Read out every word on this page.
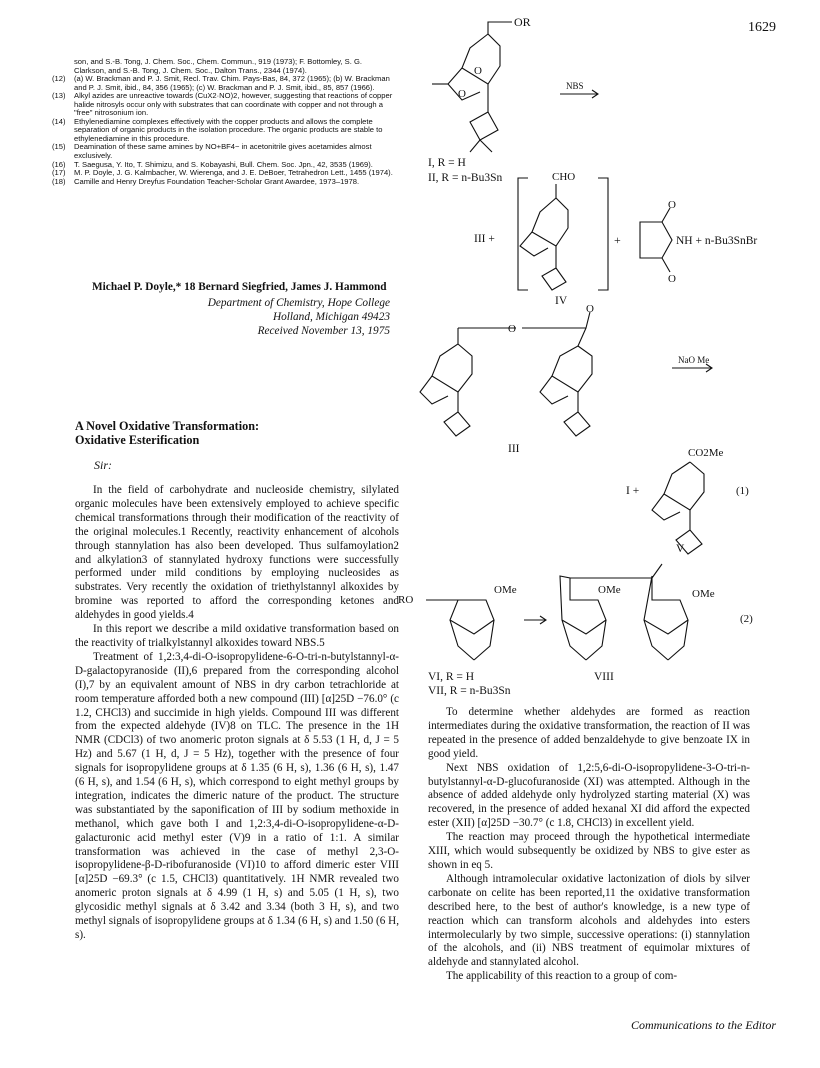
1629
son, and S.-B. Tong, J. Chem. Soc., Chem. Commun., 919 (1973); F. Bottomley, S. G. Clarkson, and S.-B. Tong, J. Chem. Soc., Dalton Trans., 2344 (1974).
(12)	(a) W. Brackman and P. J. Smit, Recl. Trav. Chim. Pays-Bas, 84, 372 (1965); (b) W. Brackman and P. J. Smit, ibid., 84, 356 (1965); (c) W. Brackman and P. J. Smit, ibid., 85, 857 (1966).
(13)	Alkyl azides are unreactive towards (CuX2·NO)2, however, suggesting that reactions of copper halide nitrosyls occur only with substrates that can coordinate with copper and not through a "free" nitrosonium ion.
(14)	Ethylenediamine complexes effectively with the copper products and allows the complete separation of organic products in the isolation procedure. The organic products are stable to ethylenediamine in this procedure.
(15)	Deamination of these same amines by NO+BF4− in acetonitrile gives acetamides almost exclusively.
(16)	T. Saegusa, Y. Ito, T. Shimizu, and S. Kobayashi, Bull. Chem. Soc. Jpn., 42, 3535 (1969).
(17)	M. P. Doyle, J. G. Kalmbacher, W. Wierenga, and J. E. DeBoer, Tetrahedron Lett., 1455 (1974).
(18)	Camille and Henry Dreyfus Foundation Teacher-Scholar Grant Awardee, 1973–1978.
Michael P. Doyle,* 18 Bernard Siegfried, James J. Hammond
Department of Chemistry, Hope College
Holland, Michigan 49423
Received November 13, 1975
A Novel Oxidative Transformation:
Oxidative Esterification
Sir:

In the field of carbohydrate and nucleoside chemistry, silylated organic molecules have been extensively employed to achieve specific chemical transformations through their modification of the reactivity of the original molecules.1 Recently, reactivity enhancement of alcohols through stannylation has also been developed. Thus sulfamoylation2 and alkylation3 of stannylated hydroxy functions were successfully performed under mild conditions by employing nucleosides as substrates. Very recently the oxidation of triethylstannyl alkoxides by bromine was reported to afford the corresponding ketones and aldehydes in good yields.4

In this report we describe a mild oxidative transformation based on the reactivity of trialkylstannyl alkoxides toward NBS.5

Treatment of 1,2:3,4-di-O-isopropylidene-6-O-tri-n-butylstannyl-α-D-galactopyranoside (II),6 prepared from the corresponding alcohol (I),7 by an equivalent amount of NBS in dry carbon tetrachloride at room temperature afforded both a new compound (III) [α]25D −76.0° (c 1.2, CHCl3) and succimide in high yields. Compound III was different from the expected aldehyde (IV)8 on TLC. The presence in the 1H NMR (CDCl3) of two anomeric proton signals at δ 5.53 (1 H, d, J = 5 Hz) and 5.67 (1 H, d, J = 5 Hz), together with the presence of four signals for isopropylidene groups at δ 1.35 (6 H, s), 1.36 (6 H, s), 1.47 (6 H, s), and 1.54 (6 H, s), which correspond to eight methyl groups by integration, indicates the dimeric nature of the product. The structure was substantiated by the saponification of III by sodium methoxide in methanol, which gave both I and 1,2:3,4-di-O-isopropylidene-α-D-galacturonic acid methyl ester (V)9 in a ratio of 1:1. A similar transformation was achieved in the case of methyl 2,3-O-isopropylidene-β-D-ribofuranoside (VI)10 to afford dimeric ester VIII [α]25D −69.3° (c 1.5, CHCl3) quantitatively. 1H NMR revealed two anomeric proton signals at δ 4.99 (1 H, s) and 5.05 (1 H, s), two glycosidic methyl signals at δ 3.42 and 3.34 (both 3 H, s), and two methyl signals of isopropylidene groups at δ 1.34 (6 H, s) and 1.50 (6 H, s).

To determine whether aldehydes are formed as reaction intermediates during the oxidative transformation, the reaction of II was repeated in the presence of added benzaldehyde to give benzoate IX in good yield.

Next NBS oxidation of 1,2:5,6-di-O-isopropylidene-3-O-tri-n-butylstannyl-α-D-glucofuranoside (XI) was attempted. Although in the absence of added aldehyde only hydrolyzed starting material (X) was recovered, in the presence of added hexanal XI did afford the expected ester (XII) [α]25D −30.7° (c 1.8, CHCl3) in excellent yield.

The reaction may proceed through the hypothetical intermediate XIII, which would subsequently be oxidized by NBS to give ester as shown in eq 5.

Although intramolecular oxidative lactonization of diols by silver carbonate on celite has been reported,11 the oxidative transformation described here, to the best of author's knowledge, is a new type of reaction which can transform alcohols and aldehydes into esters intermolecularly by two simple, successive operations: (i) stannylation of the alcohols, and (ii) NBS treatment of equimolar mixtures of aldehyde and stannylated alcohol.

The applicability of this reaction to a group of com-

OR
O
O
NBS
I, R = H
II, R = n-Bu3Sn
III +
CHO
+
O
O
NH + n-Bu3SnBr
IV
O
O
NaO Me
III	CO2Me
I +	(1)
V
RO
OMe	OMe	OMe
(2)
VI, R = H
VII, R = n-Bu3Sn
VIII
Communications to the Editor
